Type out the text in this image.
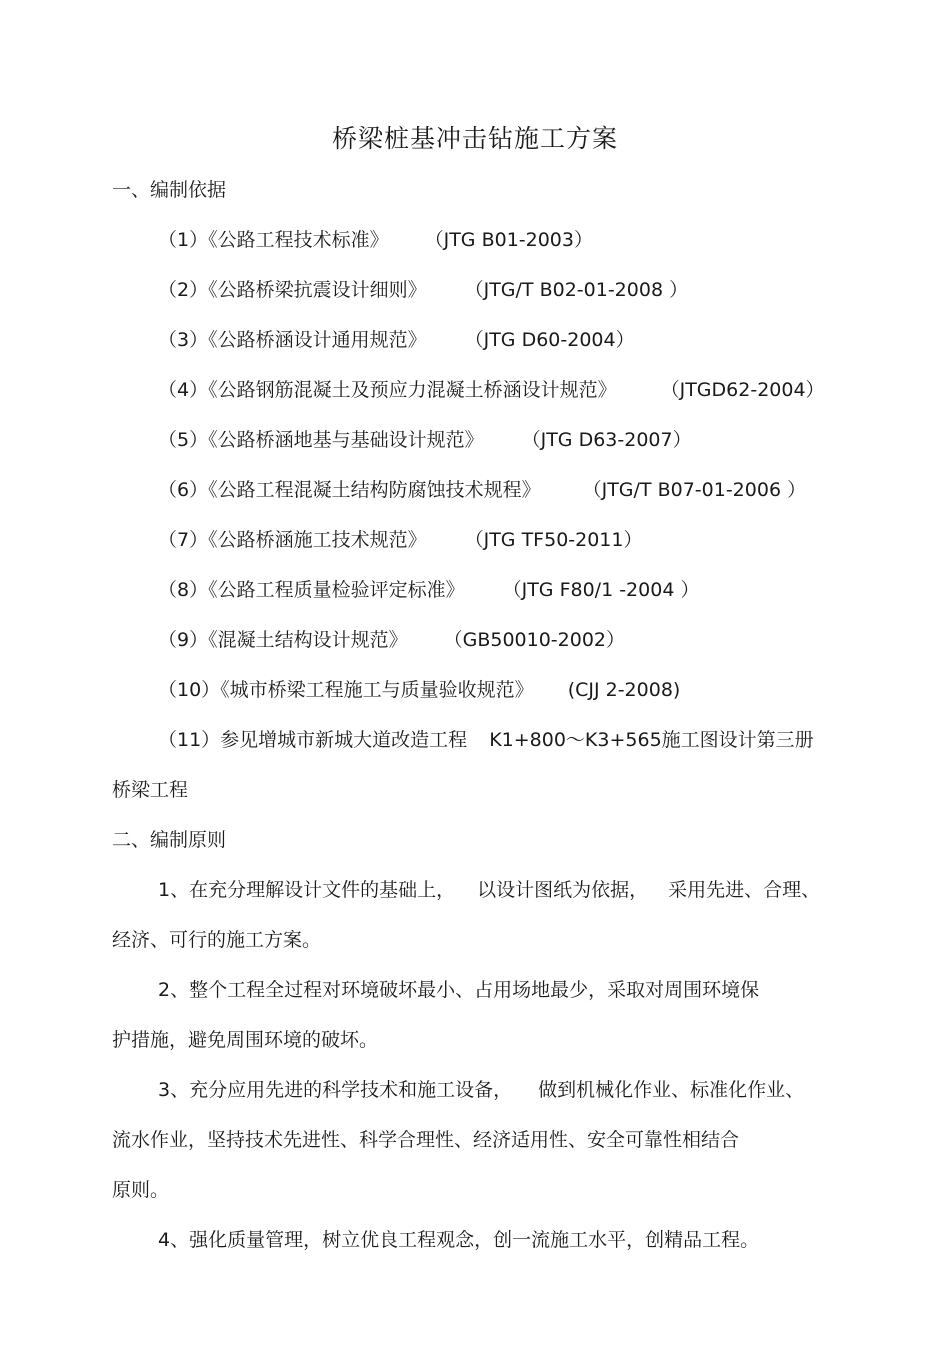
桥梁桩基冲击钻施工方案
一、编制依据
（1）《公路工程技术标准》 （JTG B01-2003）
（2）《公路桥梁抗震设计细则》 （JTG/T B02-01-2008 ）
（3）《公路桥涵设计通用规范》 （JTG D60-2004）
（4）《公路钢筋混凝土及预应力混凝土桥涵设计规范》 （JTGD62-2004）
（5）《公路桥涵地基与基础设计规范》 （JTG D63-2007）
（6）《公路工程混凝土结构防腐蚀技术规程》 （JTG/T B07-01-2006 ）
（7）《公路桥涵施工技术规范》 （JTG TF50-2011）
（8）《公路工程质量检验评定标准》 （JTG F80/1 -2004 ）
（9）《混凝土结构设计规范》 （GB50010-2002）
（10）《城市桥梁工程施工与质量验收规范》 (CJJ 2-2008)
（11）参见增城市新城大道改造工程 K1+800～K3+565施工图设计第三册
桥梁工程
二、编制原则
1、在充分理解设计文件的基础上， 以设计图纸为依据， 采用先进、合理、
经济、可行的施工方案。
2、整个工程全过程对环境破坏最小、占用场地最少，采取对周围环境保
护措施，避免周围环境的破坏。
3、充分应用先进的科学技术和施工设备， 做到机械化作业、标准化作业、
流水作业，坚持技术先进性、科学合理性、经济适用性、安全可靠性相结合
原则。
4、强化质量管理，树立优良工程观念，创一流施工水平，创精品工程。
